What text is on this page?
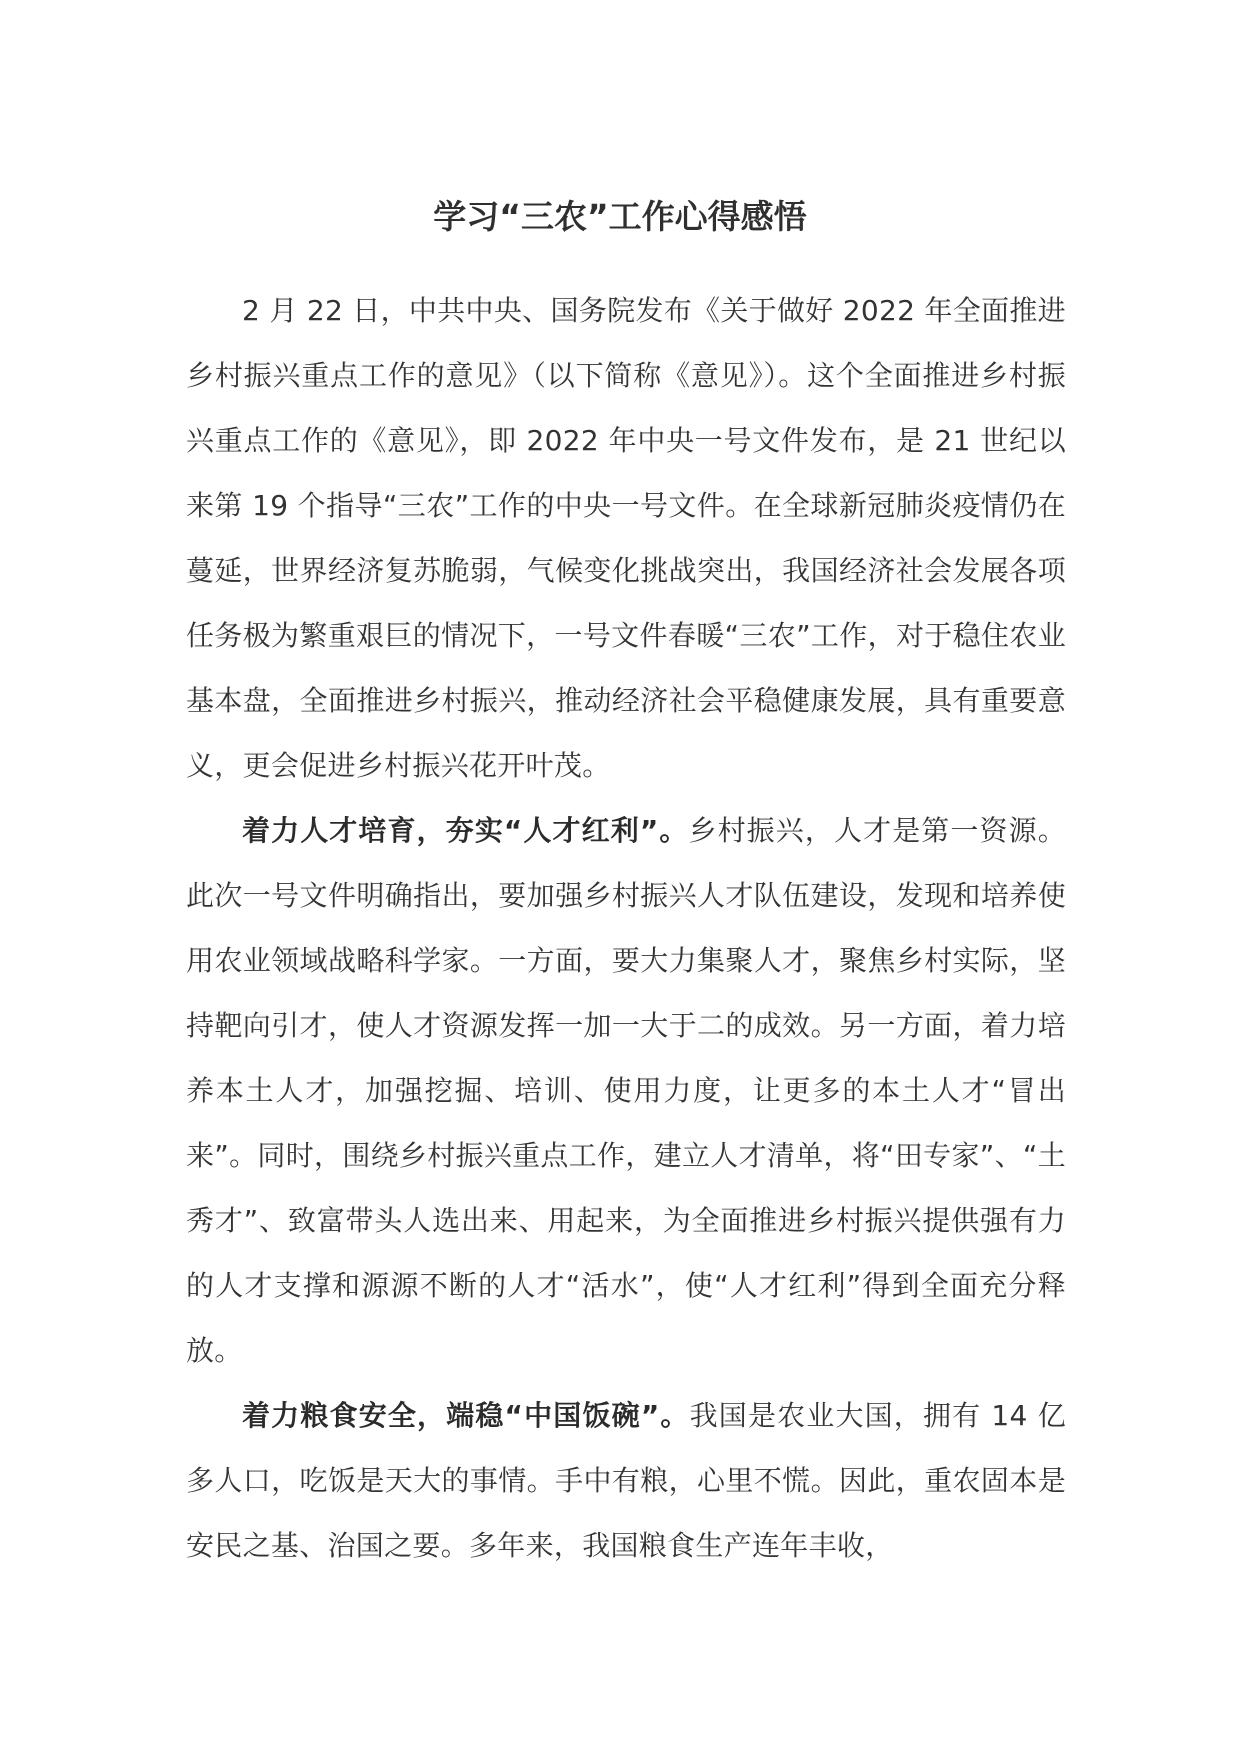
学习“三农”工作心得感悟

2 月 22 日，中共中央、国务院发布《关于做好 2022 年全面推进乡村振兴重点工作的意见》（以下简称《意见》）。这个全面推进乡村振兴重点工作的《意见》，即 2022 年中央一号文件发布，是 21 世纪以来第 19 个指导“三农”工作的中央一号文件。在全球新冠肺炎疫情仍在蔓延，世界经济复苏脆弱，气候变化挑战突出，我国经济社会发展各项任务极为繁重艰巨的情况下，一号文件春暖“三农”工作，对于稳住农业基本盘，全面推进乡村振兴，推动经济社会平稳健康发展，具有重要意义，更会促进乡村振兴花开叶茂。

着力人才培育，夯实“人才红利”。乡村振兴，人才是第一资源。此次一号文件明确指出，要加强乡村振兴人才队伍建设，发现和培养使用农业领域战略科学家。一方面，要大力集聚人才，聚焦乡村实际，坚持靶向引才，使人才资源发挥一加一大于二的成效。另一方面，着力培养本土人才，加强挖掘、培训、使用力度，让更多的本土人才“冒出来”。同时，围绕乡村振兴重点工作，建立人才清单，将“田专家”、“土秀才”、致富带头人选出来、用起来，为全面推进乡村振兴提供强有力的人才支撑和源源不断的人才“活水”，使“人才红利”得到全面充分释放。

着力粮食安全，端稳“中国饭碗”。我国是农业大国，拥有 14 亿多人口，吃饭是天大的事情。手中有粮，心里不慌。因此，重农固本是安民之基、治国之要。多年来，我国粮食生产连年丰收，
